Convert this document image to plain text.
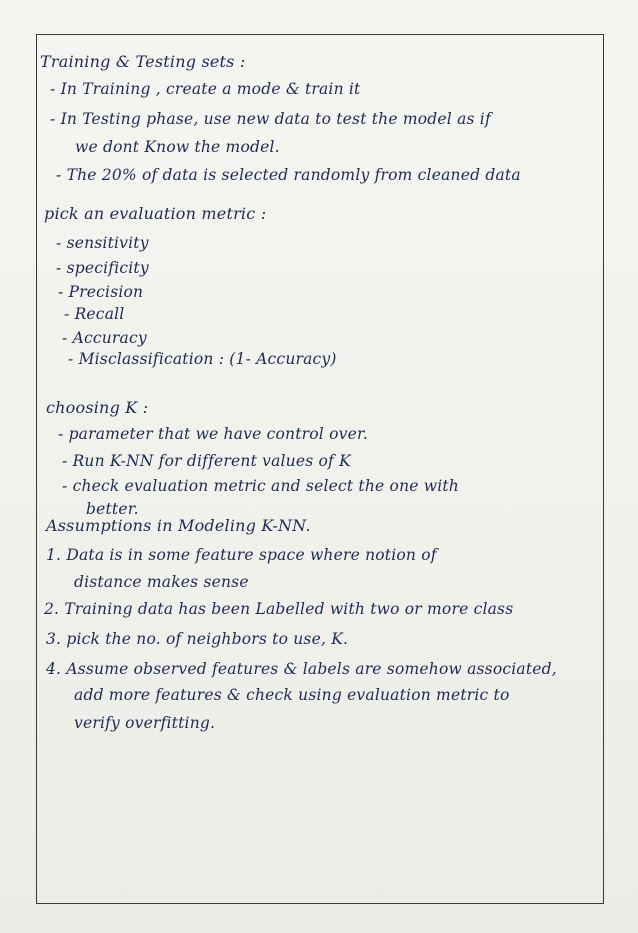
Training & Testing sets :
- In Training , create a mode & train it
- In Testing phase, use new data to test the model as if
we dont Know the model.
- The 20% of data is selected randomly from cleaned data
pick an evaluation metric :
- sensitivity
- specificity
- Precision
- Recall
- Accuracy
- Misclassification : (1- Accuracy)
choosing K :
- parameter that we have control over.
- Run K-NN for different values of K
- check evaluation metric and select the one with
better.
Assumptions in Modeling K-NN.
1. Data is in some feature space where notion of
distance makes sense
2. Training data has been Labelled with two or more class
3. pick the no. of neighbors to use, K.
4. Assume observed features & labels are somehow associated,
add more features & check using evaluation metric to
verify overfitting.
